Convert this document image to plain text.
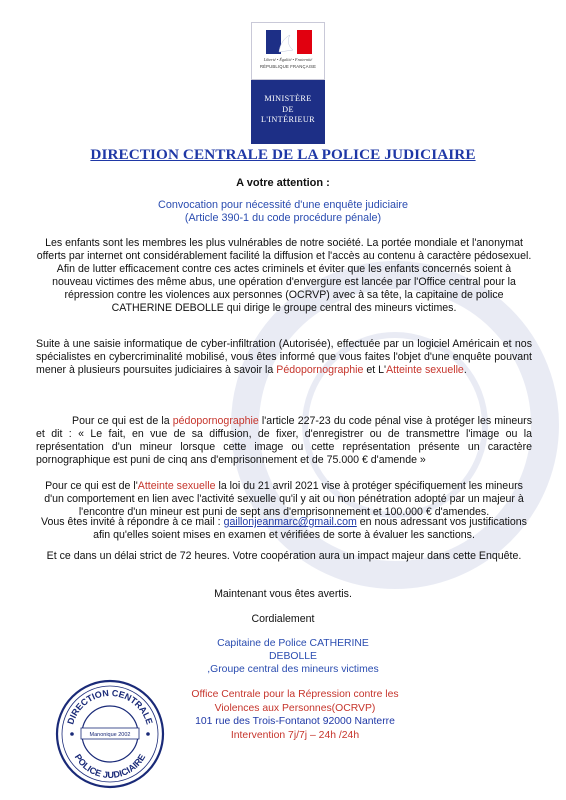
Liberté • Égalité • Fraternité
RÉPUBLIQUE FRANÇAISE
MINISTÈRE
DE
L'INTÉRIEUR
DIRECTION CENTRALE DE LA POLICE JUDICIAIRE
A votre attention :
Convocation pour nécessité d'une enquête judiciaire
(Article 390-1 du code procédure pénale)
Les enfants sont les membres les plus vulnérables de notre société. La portée mondiale et l'anonymat offerts par internet ont considérablement facilité la diffusion et l'accès au contenu à caractère pédosexuel. Afin de lutter efficacement contre ces actes criminels et éviter que les enfants concernés soient à nouveau victimes des même abus, une opération d'envergure est lancée par l'Office central pour la répression contre les violences aux personnes (OCRVP) avec à sa tête, la capitaine de police CATHERINE DEBOLLE qui dirige le groupe central des mineurs victimes.
Suite à une saisie informatique de cyber-infiltration (Autorisée), effectuée par un logiciel Américain et nos spécialistes en cybercriminalité mobilisé, vous êtes informé que vous faites l'objet d'une enquête pouvant mener à plusieurs poursuites judiciaires à savoir la Pédopornographie et L'Atteinte sexuelle.
Pour ce qui est de la pédopornographie l'article 227-23 du code pénal vise à protéger les mineurs et dit : « Le fait, en vue de sa diffusion, de fixer, d'enregistrer ou de transmettre l'image ou la représentation d'un mineur lorsque cette image ou cette représentation présente un caractère pornographique est puni de cinq ans d'emprisonnement et de 75.000 € d'amende »
Pour ce qui est de l'Atteinte sexuelle la loi du 21 avril 2021 vise à protéger spécifiquement les mineurs d'un comportement en lien avec l'activité sexuelle qu'il y ait ou non pénétration adopté par un majeur à l'encontre d'un mineur est puni de sept ans d'emprisonnement et 100.000 € d'amendes.
Vous êtes invité à répondre à ce mail : gaillonjeanmarc@gmail.com en nous adressant vos justifications afin qu'elles soient mises en examen et vérifiées de sorte à évaluer les sanctions.
Et ce dans un délai strict de 72 heures. Votre coopération aura un impact majeur dans cette Enquête.
Maintenant vous êtes avertis.
Cordialement
Capitaine de Police CATHERINE
DEBOLLE
,Groupe central des mineurs victimes
DIRECTION CENTRALE
POLICE JUDICIAIRE
Manonique 2002
Office Centrale pour la Répression contre les
Violences aux Personnes(OCRVP)
101 rue des Trois-Fontanot 92000 Nanterre
Intervention 7j/7j – 24h /24h
